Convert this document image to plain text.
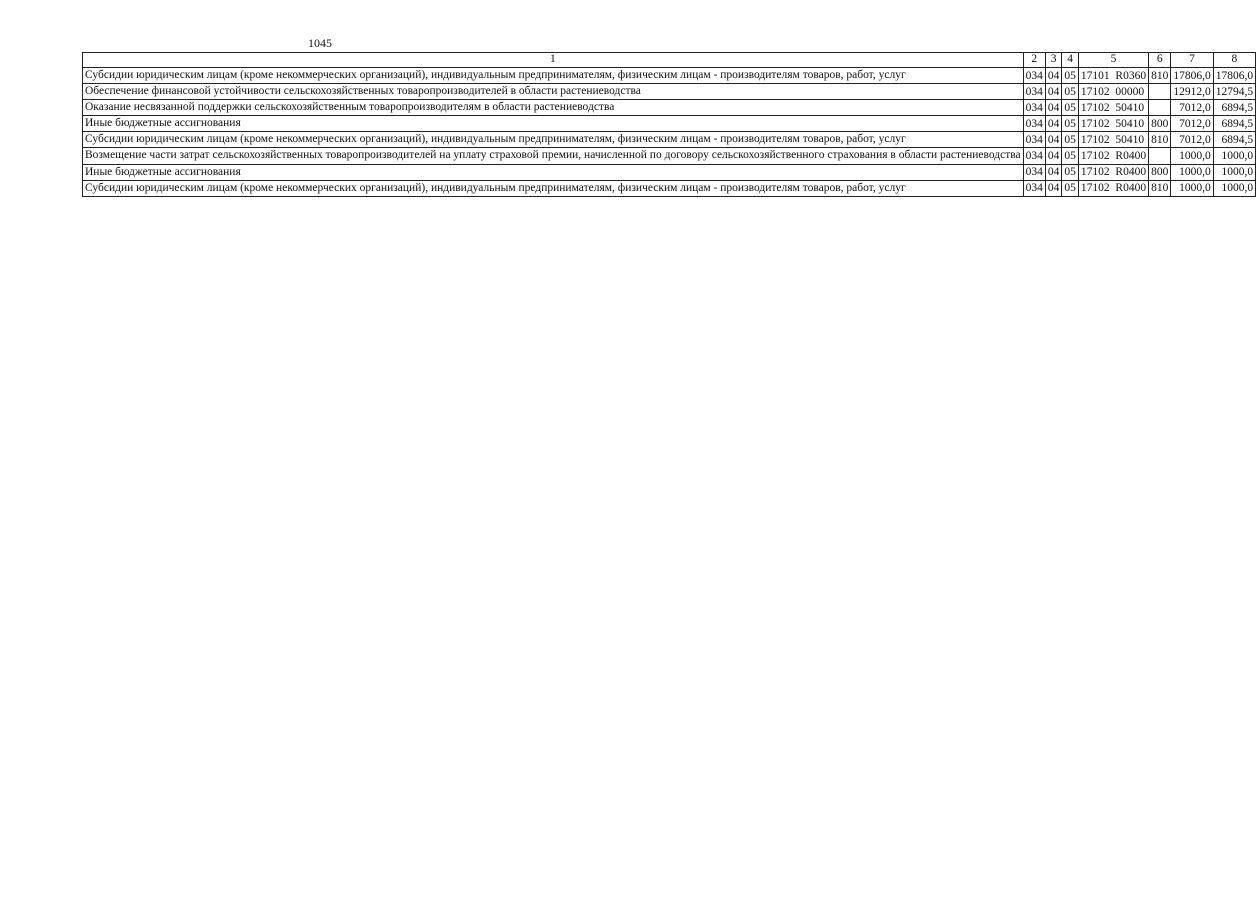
1045
1	2	3	4	5	6	7	8
Субсидии юридическим лицам (кроме некоммерческих организаций), индивидуальным предпринимателям, физическим лицам - производителям товаров, работ, услуг	034	04	05	17101 R0360	810	17806,0	17806,0
Обеспечение финансовой устойчивости сельскохозяйственных товаропроизводителей в области растениеводства	034	04	05	17102 00000		12912,0	12794,5
Оказание несвязанной поддержки сельскохозяйственным товаропроизводителям в области растениеводства	034	04	05	17102 50410		7012,0	6894,5
Иные бюджетные ассигнования	034	04	05	17102 50410	800	7012,0	6894,5
Субсидии юридическим лицам (кроме некоммерческих организаций), индивидуальным предпринимателям, физическим лицам - производителям товаров, работ, услуг	034	04	05	17102 50410	810	7012,0	6894,5
Возмещение части затрат сельскохозяйственных товаропроизводителей на уплату страховой премии, начисленной по договору сельскохозяйственного страхования в области растениеводства	034	04	05	17102 R0400		1000,0	1000,0
Иные бюджетные ассигнования	034	04	05	17102 R0400	800	1000,0	1000,0
Субсидии юридическим лицам (кроме некоммерческих организаций), индивидуальным предпринимателям, физическим лицам - производителям товаров, работ, услуг	034	04	05	17102 R0400	810	1000,0	1000,0
